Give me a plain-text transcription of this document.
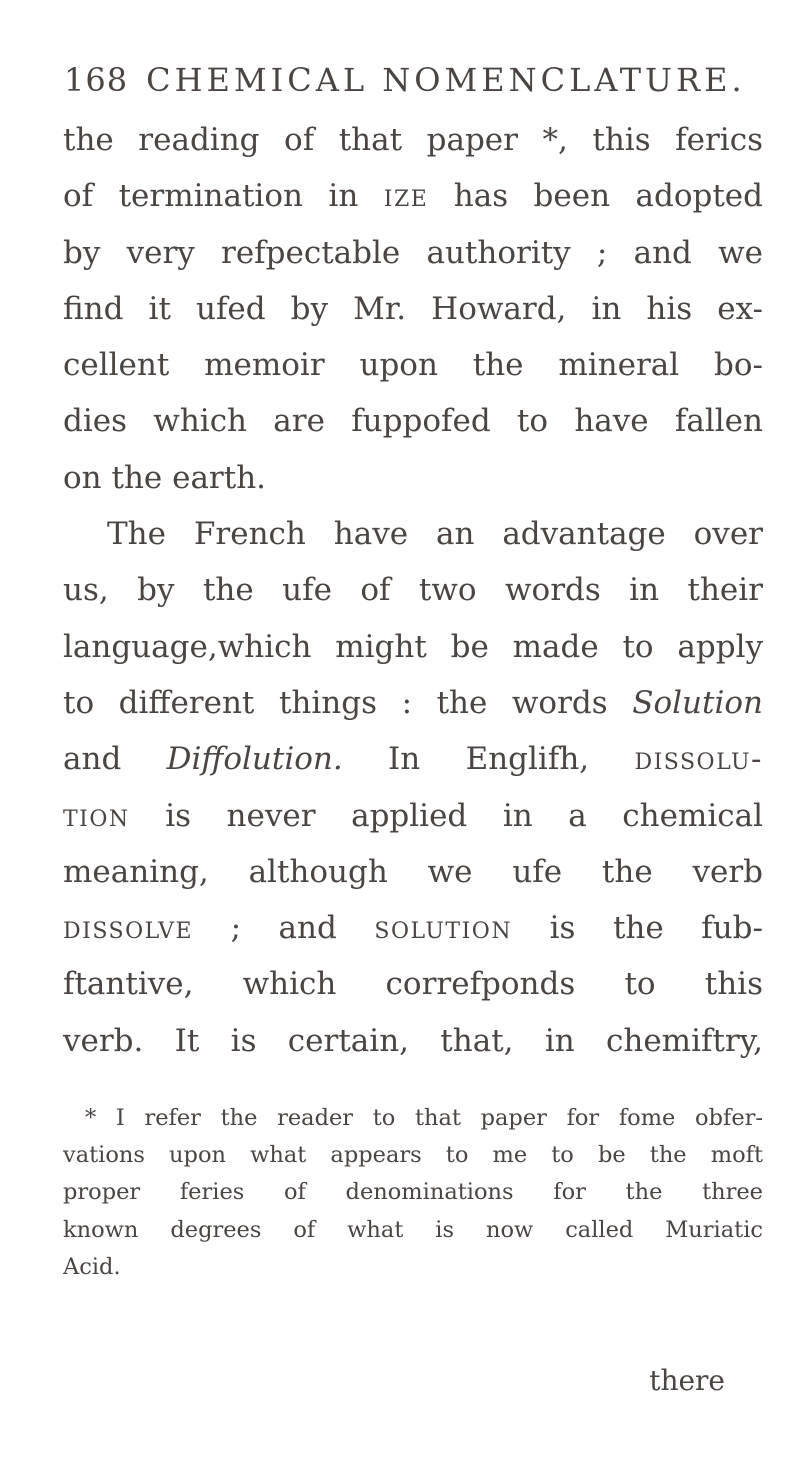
168 CHEMICAL NOMENCLATURE.
the reading of that paper *, this ferics
of termination in ize has been adopted
by very refpectable authority ; and we
find it ufed by Mr. Howard, in his ex-
cellent memoir upon the mineral bo-
dies which are fuppofed to have fallen
on the earth.
The French have an advantage over
us, by the ufe of two words in their
language,which might be made to apply
to different things : the words Solution
and Diffolution. In Englifh, dissolu-
tion is never applied in a chemical
meaning, although we ufe the verb
dissolve ; and solution is the fub-
ftantive, which correfponds to this
verb. It is certain, that, in chemiftry,
* I refer the reader to that paper for fome obfer-
vations upon what appears to me to be the moft
proper feries of denominations for the three
known degrees of what is now called Muriatic
Acid.
there
